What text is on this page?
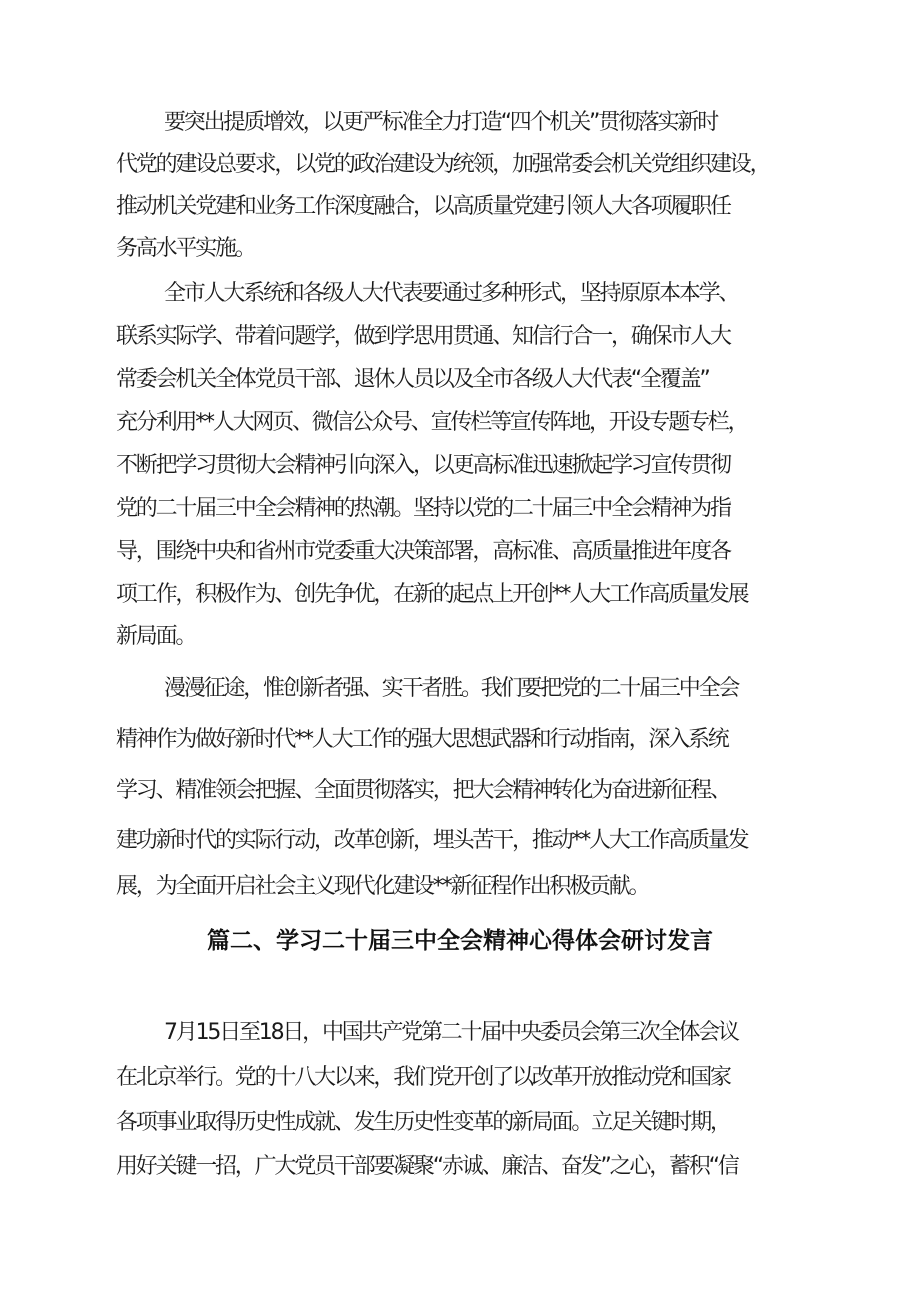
要突出提质增效，以更严标准全力打造“四个机关”贯彻落实新时
代党的建设总要求，以党的政治建设为统领，加强常委会机关党组织建设，
推动机关党建和业务工作深度融合，以高质量党建引领人大各项履职任
务高水平实施。
全市人大系统和各级人大代表要通过多种形式，坚持原原本本学、
联系实际学、带着问题学，做到学思用贯通、知信行合一，确保市人大
常委会机关全体党员干部、退休人员以及全市各级人大代表“全覆盖”
充分利用**人大网页、微信公众号、宣传栏等宣传阵地，开设专题专栏，
不断把学习贯彻大会精神引向深入，以更高标准迅速掀起学习宣传贯彻
党的二十届三中全会精神的热潮。坚持以党的二十届三中全会精神为指
导，围绕中央和省州市党委重大决策部署，高标准、高质量推进年度各
项工作，积极作为、创先争优，在新的起点上开创**人大工作高质量发展
新局面。
漫漫征途，惟创新者强、实干者胜。我们要把党的二十届三中全会
精神作为做好新时代**人大工作的强大思想武器和行动指南，深入系统
学习、精准领会把握、全面贯彻落实，把大会精神转化为奋进新征程、
建功新时代的实际行动，改革创新，埋头苦干，推动**人大工作高质量发
展，为全面开启社会主义现代化建设**新征程作出积极贡献。
篇二、学习二十届三中全会精神心得体会研讨发言
7月15日至18日，中国共产党第二十届中央委员会第三次全体会议
在北京举行。党的十八大以来，我们党开创了以改革开放推动党和国家
各项事业取得历史性成就、发生历史性变革的新局面。立足关键时期，
用好关键一招，广大党员干部要凝聚“赤诚、廉洁、奋发”之心，蓄积“信
